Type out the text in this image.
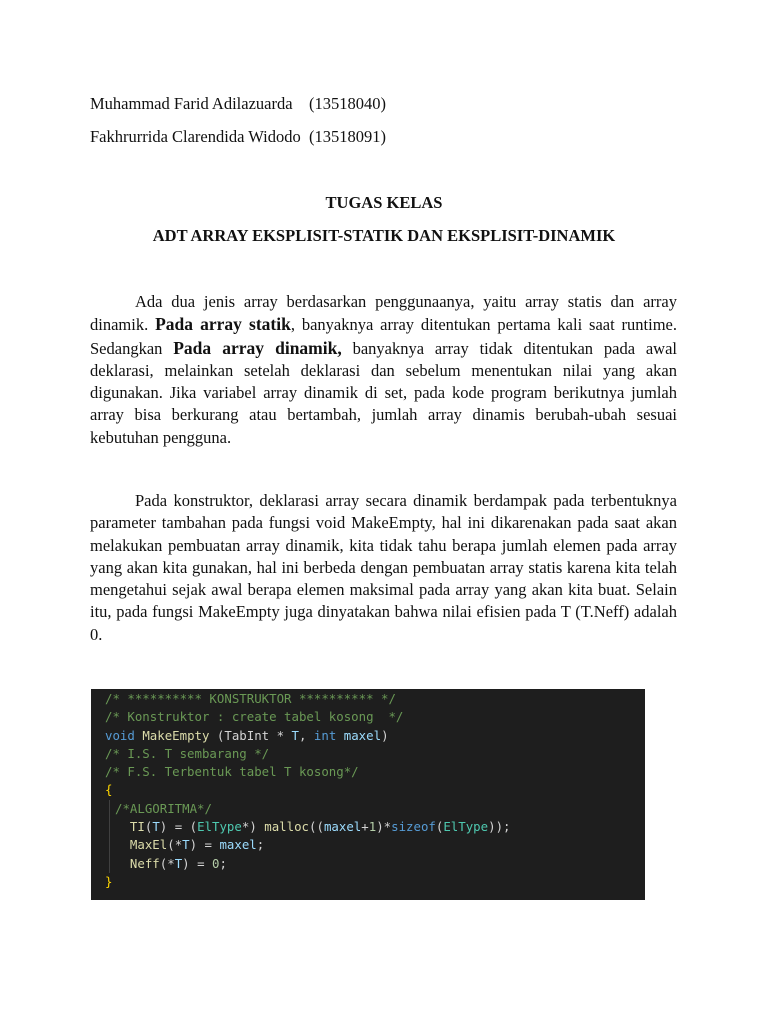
Muhammad Farid Adilazuarda (13518040)
Fakhrurrida Clarendida Widodo (13518091)
TUGAS KELAS
ADT ARRAY EKSPLISIT-STATIK DAN EKSPLISIT-DINAMIK

Ada dua jenis array berdasarkan penggunaanya, yaitu array statis dan array dinamik. Pada array statik, banyaknya array ditentukan pertama kali saat runtime. Sedangkan Pada array dinamik, banyaknya array tidak ditentukan pada awal deklarasi, melainkan setelah deklarasi dan sebelum menentukan nilai yang akan digunakan. Jika variabel array dinamik di set, pada kode program berikutnya jumlah array bisa berkurang atau bertambah, jumlah array dinamis berubah-ubah sesuai kebutuhan pengguna.

Pada konstruktor, deklarasi array secara dinamik berdampak pada terbentuknya parameter tambahan pada fungsi void MakeEmpty, hal ini dikarenakan pada saat akan melakukan pembuatan array dinamik, kita tidak tahu berapa jumlah elemen pada array yang akan kita gunakan, hal ini berbeda dengan pembuatan array statis karena kita telah mengetahui sejak awal berapa elemen maksimal pada array yang akan kita buat. Selain itu, pada fungsi MakeEmpty juga dinyatakan bahwa nilai efisien pada T (T.Neff) adalah 0.

/* ********** KONSTRUKTOR ********** */
/* Konstruktor : create tabel kosong  */
void MakeEmpty (TabInt * T, int maxel)
/* I.S. T sembarang */
/* F.S. Terbentuk tabel T kosong*/
{
/*ALGORITMA*/
TI(T) = (ElType*) malloc((maxel+1)*sizeof(ElType));
MaxEl(*T) = maxel;
Neff(*T) = 0;
}
